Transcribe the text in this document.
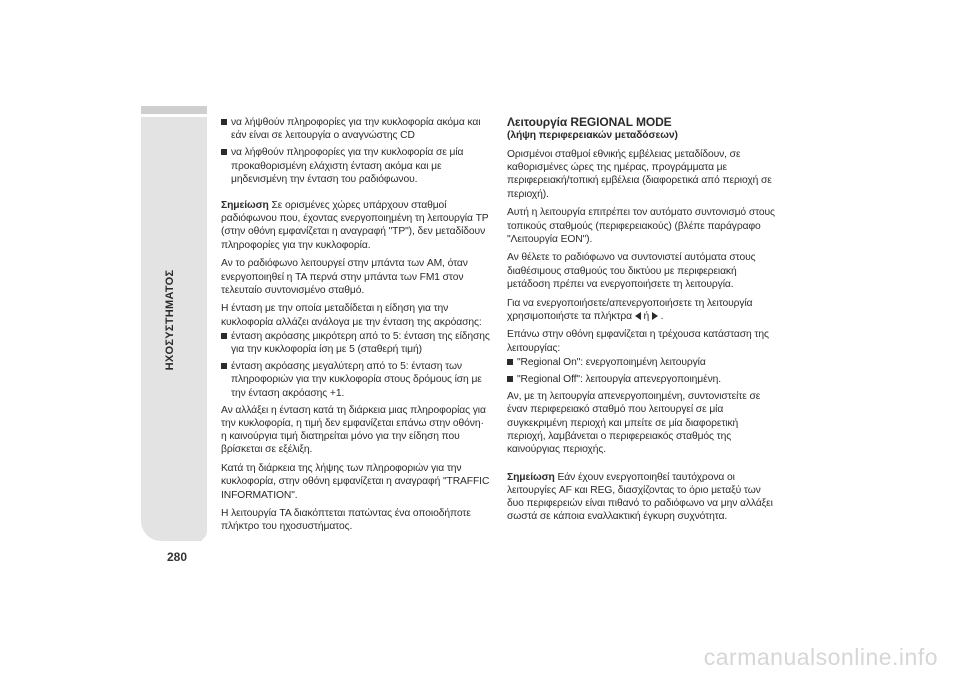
ΗΧΟΣΥΣΤΗΜΑΤΟΣ
280
να λήψθούν πληροφορίες για την κυκλοφορία ακόμα και εάν είναι σε λειτουργία ο αναγνώστης CD
να λήφθούν πληροφορίες για την κυκλοφορία σε μία προκαθορισμένη ελάχιστη ένταση ακόμα και με μηδενισμένη την ένταση του ραδιόφωνου.

Σημείωση Σε ορισμένες χώρες υπάρχουν σταθμοί ραδιόφωνου που, έχοντας ενεργοποιημένη τη λειτουργία TP (στην οθόνη εμφανίζεται η αναγραφή "TP"), δεν μεταδίδουν πληροφορίες για την κυκλοφορία.

Αν το ραδιόφωνο λειτουργεί στην μπάντα των AM, όταν ενεργοποιηθεί η TA περνά στην μπάντα των FM1 στον τελευταίο συντονισμένο σταθμό.

Η ένταση με την οποία μεταδίδεται η είδηση για την κυκλοφορία αλλάζει ανάλογα με την ένταση της ακρόασης:

ένταση ακρόασης μικρότερη από το 5: ένταση της είδησης για την κυκλοφορία ίση με 5 (σταθερή τιμή)
ένταση ακρόασης μεγαλύτερη από το 5: ένταση των πληροφοριών για την κυκλοφορία στους δρόμους ίση με την ένταση ακρόασης +1.

Αν αλλάξει η ένταση κατά τη διάρκεια μιας πληροφορίας για την κυκλοφορία, η τιμή δεν εμφανίζεται επάνω στην οθόνη· η καινούργια τιμή διατηρείται μόνο για την είδηση που βρίσκεται σε εξέλιξη.

Κατά τη διάρκεια της λήψης των πληροφοριών για την κυκλοφορία, στην οθόνη εμφανίζεται η αναγραφή "TRAFFIC INFORMATION".

Η λειτουργία TA διακόπτεται πατώντας ένα οποιοδήποτε πλήκτρο του ηχοσυστήματος.

Λειτουργία REGIONAL MODE

(λήψη περιφερειακών μεταδόσεων)

Ορισμένοι σταθμοί εθνικής εμβέλειας μεταδίδουν, σε καθορισμένες ώρες της ημέρας, προγράμματα με περιφερειακή/τοπική εμβέλεια (διαφορετικά από περιοχή σε περιοχή).

Αυτή η λειτουργία επιτρέπει τον αυτόματο συντονισμό στους τοπικούς σταθμούς (περιφερειακούς) (βλέπε παράγραφο "Λειτουργία EON").

Αν θέλετε το ραδιόφωνο να συντονιστεί αυτόματα στους διαθέσιμους σταθμούς του δικτύου με περιφερειακή μετάδοση πρέπει να ενεργοποιήσετε τη λειτουργία.

Για να ενεργοποιήσετε/απενεργοποιήσετε τη λειτουργία χρησιμοποιήστε τα πλήκτρα  ή  .

Επάνω στην οθόνη εμφανίζεται η τρέχουσα κατάσταση της λειτουργίας:

"Regional On": ενεργοποιημένη λειτουργία
"Regional Off": λειτουργία απενεργοποιημένη.

Αν, με τη λειτουργία απενεργοποιημένη, συντονιστείτε σε έναν περιφερειακό σταθμό που λειτουργεί σε μία συγκεκριμένη περιοχή και μπείτε σε μία διαφορετική περιοχή, λαμβάνεται ο περιφερειακός σταθμός της καινούργιας περιοχής.

Σημείωση Εάν έχουν ενεργοποιηθεί ταυτόχρονα οι λειτουργίες AF και REG, διασχίζοντας το όριο μεταξύ των δυο περιφερειών είναι πιθανό το ραδιόφωνο να μην αλλάξει σωστά σε κάποια εναλλακτική έγκυρη συχνότητα.

carmanualsonline.info
